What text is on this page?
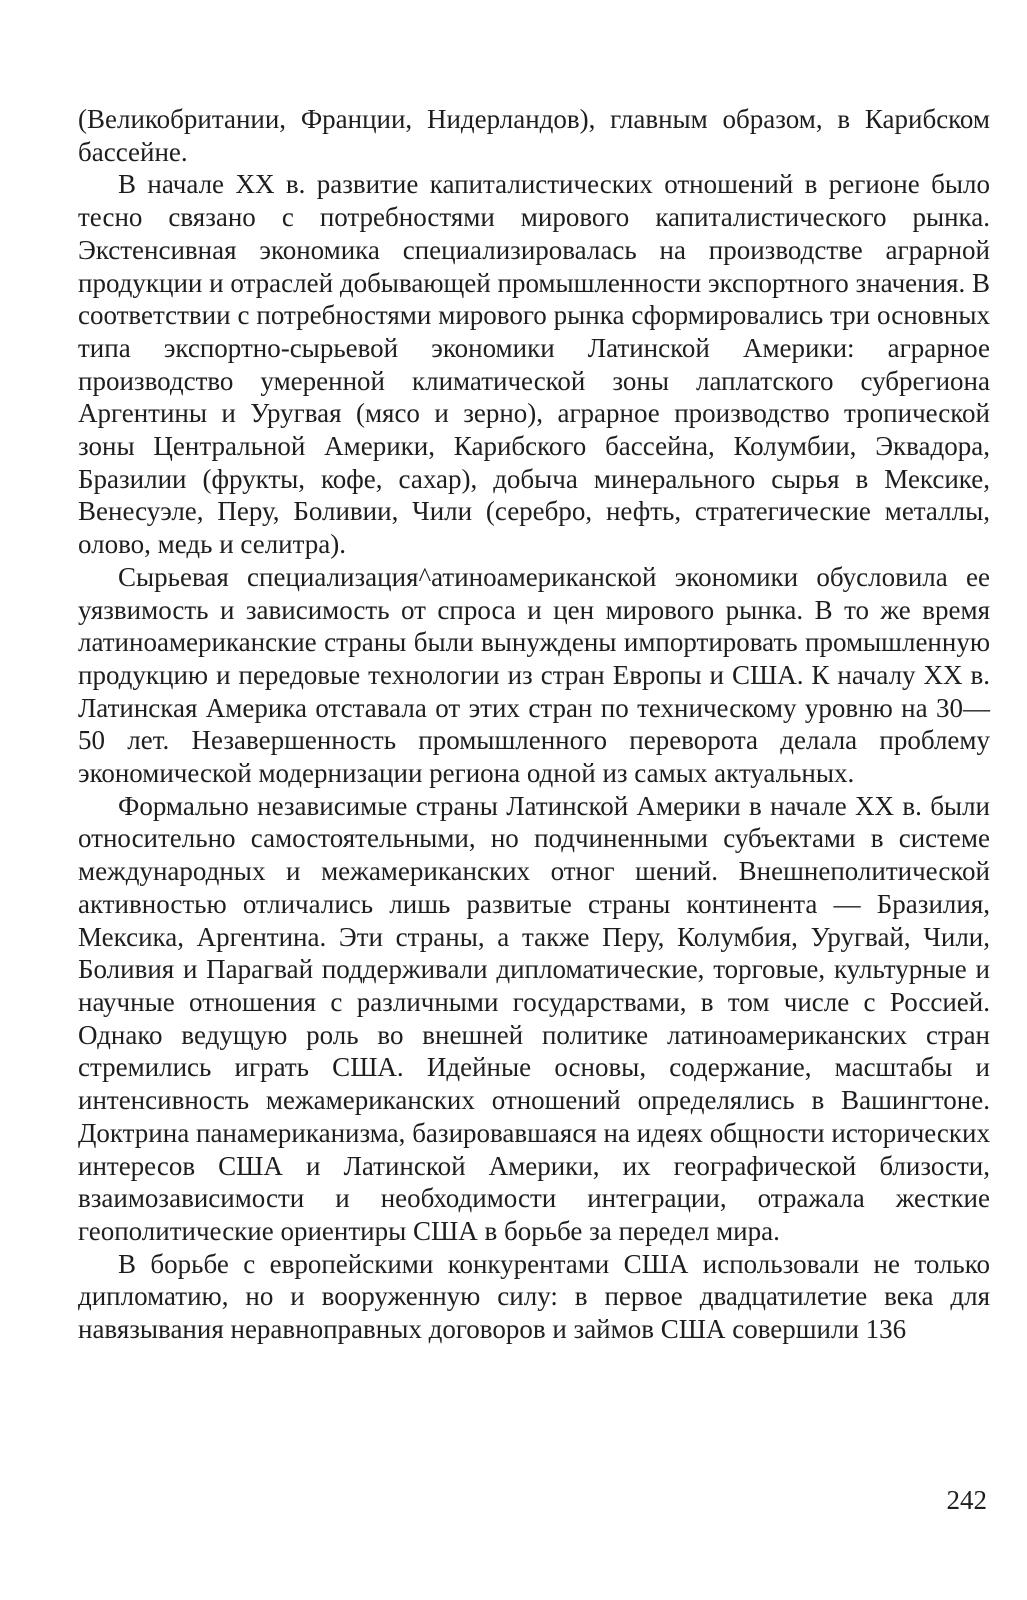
(Великобритании, Франции, Нидерландов), главным образом, в Карибском бассейне.

В начале XX в. развитие капиталистических отношений в регионе было тесно связано с потребностями мирового капиталистического рынка. Экстенсивная экономика специализировалась на производстве аграрной продукции и отраслей добывающей промышленности экспортного значения. В соответствии с потребностями мирового рынка сформировались три основных типа экспортно-сырьевой экономики Латинской Америки: аграрное производство умеренной климатической зоны лаплатского субрегиона Аргентины и Уругвая (мясо и зерно), аграрное производство тропической зоны Центральной Америки, Карибского бассейна, Колумбии, Эквадора, Бразилии (фрукты, кофе, сахар), добыча минерального сырья в Мексике, Венесуэле, Перу, Боливии, Чили (серебро, нефть, стратегические металлы, олово, медь и селитра).

Сырьевая специализация^атиноамериканской экономики обусловила ее уязвимость и зависимость от спроса и цен мирового рынка. В то же время латиноамериканские страны были вынуждены импортировать промышленную продукцию и передовые технологии из стран Европы и США. К началу XX в. Латинская Америка отставала от этих стран по техническому уровню на 30—50 лет. Незавершенность промышленного переворота делала проблему экономической модернизации региона одной из самых актуальных.

Формально независимые страны Латинской Америки в начале XX в. были относительно самостоятельными, но подчиненными субъектами в системе международных и межамериканских отног шений. Внешнеполитической активностью отличались лишь развитые страны континента — Бразилия, Мексика, Аргентина. Эти страны, а также Перу, Колумбия, Уругвай, Чили, Боливия и Парагвай поддерживали дипломатические, торговые, культурные и научные отношения с различными государствами, в том числе с Россией. Однако ведущую роль во внешней политике латиноамериканских стран стремились играть США. Идейные основы, содержание, масштабы и интенсивность межамериканских отношений определялись в Вашингтоне. Доктрина панамериканизма, базировавшаяся на идеях общности исторических интересов США и Латинской Америки, их географической близости, взаимозависимости и необходимости интеграции, отражала жесткие геополитические ориентиры США в борьбе за передел мира.

В борьбе с европейскими конкурентами США использовали не только дипломатию, но и вооруженную силу: в первое двадцатилетие века для навязывания неравноправных договоров и займов США совершили 136

242
